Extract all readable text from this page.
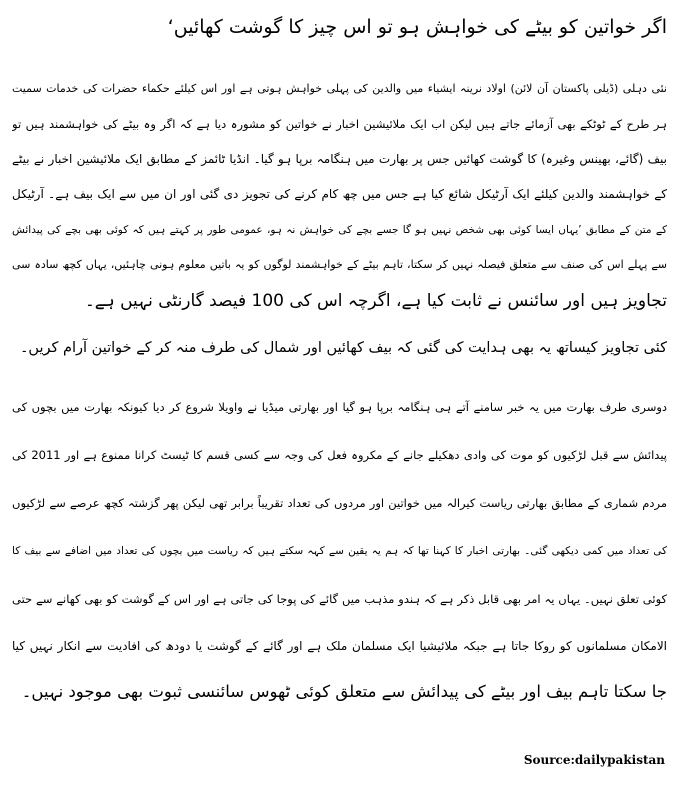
اگر خواتین کو بیٹے کی خواہش ہو تو اس چیز کا گوشت کھائیں‘
نئی دہلی (ڈیلی پاکستان آن لائن) اولاد نرینہ ایشیاء میں والدین کی پہلی خواہش ہوتی ہے اور اس کیلئے حکماء حضرات کی خدمات سمیت
ہر طرح کے ٹوٹکے بھی آزمائے جاتے ہیں لیکن اب ایک ملائیشین اخبار نے خواتین کو مشورہ دیا ہے کہ اگر وہ بیٹے کی خواہشمند ہیں تو
بیف (گائے، بھینس وغیرہ) کا گوشت کھائیں جس پر بھارت میں ہنگامہ برپا ہو گیا۔ انڈیا ٹائمز کے مطابق ایک ملائیشین اخبار نے بیٹے
کے خواہشمند والدین کیلئے ایک آرٹیکل شائع کیا ہے جس میں چھ کام کرنے کی تجویز دی گئی اور ان میں سے ایک بیف ہے۔ آرٹیکل
کے متن کے مطابق ’یہاں ایسا کوئی بھی شخص نہیں ہو گا جسے بچے کی خواہش نہ ہو، عمومی طور پر کہتے ہیں کہ کوئی بھی بچے کی پیدائش
سے پہلے اس کی صنف سے متعلق فیصلہ نہیں کر سکتا، تاہم بیٹے کے خواہشمند لوگوں کو یہ باتیں معلوم ہونی چاہئیں، یہاں کچھ سادہ سی
تجاویز ہیں اور سائنس نے ثابت کیا ہے، اگرچہ اس کی 100 فیصد گارنٹی نہیں ہے۔
کئی تجاویز کیساتھ یہ بھی ہدایت کی گئی کہ بیف کھائیں اور شمال کی طرف منہ کر کے خواتین آرام کریں۔
دوسری طرف بھارت میں یہ خبر سامنے آتے ہی ہنگامہ برپا ہو گیا اور بھارتی میڈیا نے واویلا شروع کر دیا کیونکہ بھارت میں بچوں کی
پیدائش سے قبل لڑکیوں کو موت کی وادی دھکیلے جانے کے مکروہ فعل کی وجہ سے کسی قسم کا ٹیسٹ کرانا ممنوع ہے اور 2011 کی
مردم شماری کے مطابق بھارتی ریاست کیرالہ میں خواتین اور مردوں کی تعداد تقریباً برابر تھی لیکن پھر گزشتہ کچھ عرصے سے لڑکیوں
کی تعداد میں کمی دیکھی گئی۔ بھارتی اخبار کا کہنا تھا کہ ہم یہ یقین سے کہہ سکتے ہیں کہ ریاست میں بچوں کی تعداد میں اضافے سے بیف کا
کوئی تعلق نہیں۔ یہاں یہ امر بھی قابل ذکر ہے کہ ہندو مذہب میں گائے کی پوجا کی جاتی ہے اور اس کے گوشت کو بھی کھانے سے حتی
الامکان مسلمانوں کو روکا جاتا ہے جبکہ ملائیشیا ایک مسلمان ملک ہے اور گائے کے گوشت یا دودھ کی افادیت سے انکار نہیں کیا
جا سکتا تاہم بیف اور بیٹے کی پیدائش سے متعلق کوئی ٹھوس سائنسی ثبوت بھی موجود نہیں۔
Source:dailypakistan
